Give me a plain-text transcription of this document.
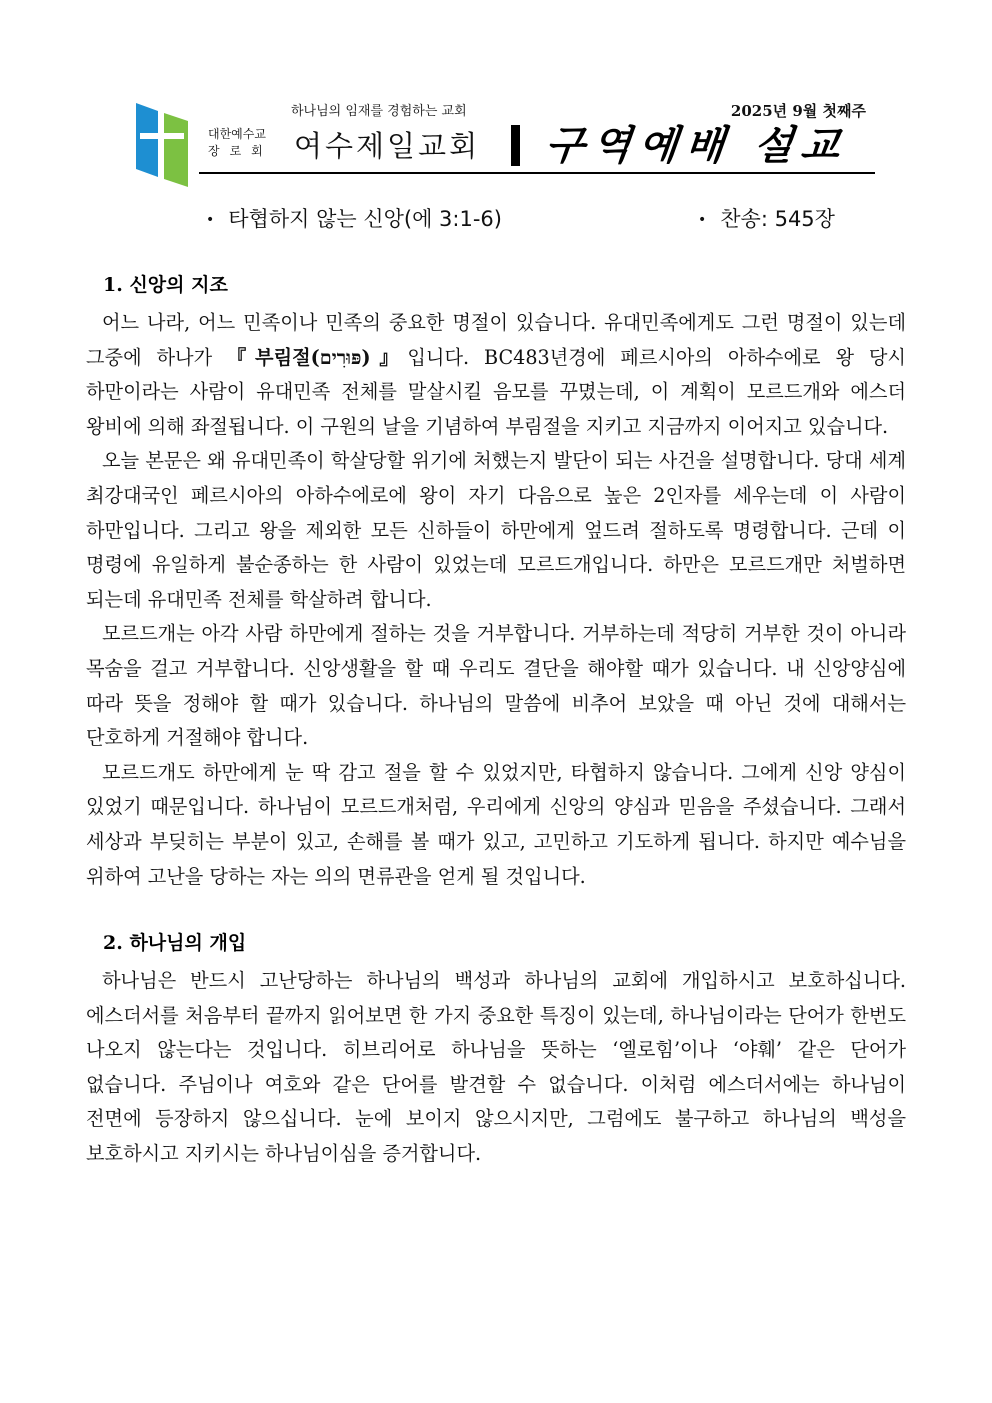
대한예수교
장로회
하나님의 임재를 경험하는 교회
여수제일교회
2025년 9월 첫째주
구역예배 설교
• 타협하지 않는 신앙(에 3:1-6)	• 찬송: 545장
1. 신앙의 지조

어느 나라, 어느 민족이나 민족의 중요한 명절이 있습니다. 유대민족에게도 그런 명절이 있는데 그중에 하나가 『부림절(פּוּרִים)』입니다. BC483년경에 페르시아의 아하수에로 왕 당시 하만이라는 사람이 유대민족 전체를 말살시킬 음모를 꾸몄는데, 이 계획이 모르드개와 에스더 왕비에 의해 좌절됩니다. 이 구원의 날을 기념하여 부림절을 지키고 지금까지 이어지고 있습니다.

오늘 본문은 왜 유대민족이 학살당할 위기에 처했는지 발단이 되는 사건을 설명합니다. 당대 세계 최강대국인 페르시아의 아하수에로에 왕이 자기 다음으로 높은 2인자를 세우는데 이 사람이 하만입니다. 그리고 왕을 제외한 모든 신하들이 하만에게 엎드려 절하도록 명령합니다. 근데 이 명령에 유일하게 불순종하는 한 사람이 있었는데 모르드개입니다. 하만은 모르드개만 처벌하면 되는데 유대민족 전체를 학살하려 합니다.

모르드개는 아각 사람 하만에게 절하는 것을 거부합니다. 거부하는데 적당히 거부한 것이 아니라 목숨을 걸고 거부합니다. 신앙생활을 할 때 우리도 결단을 해야할 때가 있습니다. 내 신앙양심에 따라 뜻을 정해야 할 때가 있습니다. 하나님의 말씀에 비추어 보았을 때 아닌 것에 대해서는 단호하게 거절해야 합니다.

모르드개도 하만에게 눈 딱 감고 절을 할 수 있었지만, 타협하지 않습니다. 그에게 신앙 양심이 있었기 때문입니다. 하나님이 모르드개처럼, 우리에게 신앙의 양심과 믿음을 주셨습니다. 그래서 세상과 부딪히는 부분이 있고, 손해를 볼 때가 있고, 고민하고 기도하게 됩니다. 하지만 예수님을 위하여 고난을 당하는 자는 의의 면류관을 얻게 될 것입니다.

2. 하나님의 개입

하나님은 반드시 고난당하는 하나님의 백성과 하나님의 교회에 개입하시고 보호하십니다. 에스더서를 처음부터 끝까지 읽어보면 한 가지 중요한 특징이 있는데, 하나님이라는 단어가 한번도 나오지 않는다는 것입니다. 히브리어로 하나님을 뜻하는 ‘엘로힘’이나 ‘야훼’ 같은 단어가 없습니다. 주님이나 여호와 같은 단어를 발견할 수 없습니다. 이처럼 에스더서에는 하나님이 전면에 등장하지 않으십니다. 눈에 보이지 않으시지만, 그럼에도 불구하고 하나님의 백성을 보호하시고 지키시는 하나님이심을 증거합니다.
